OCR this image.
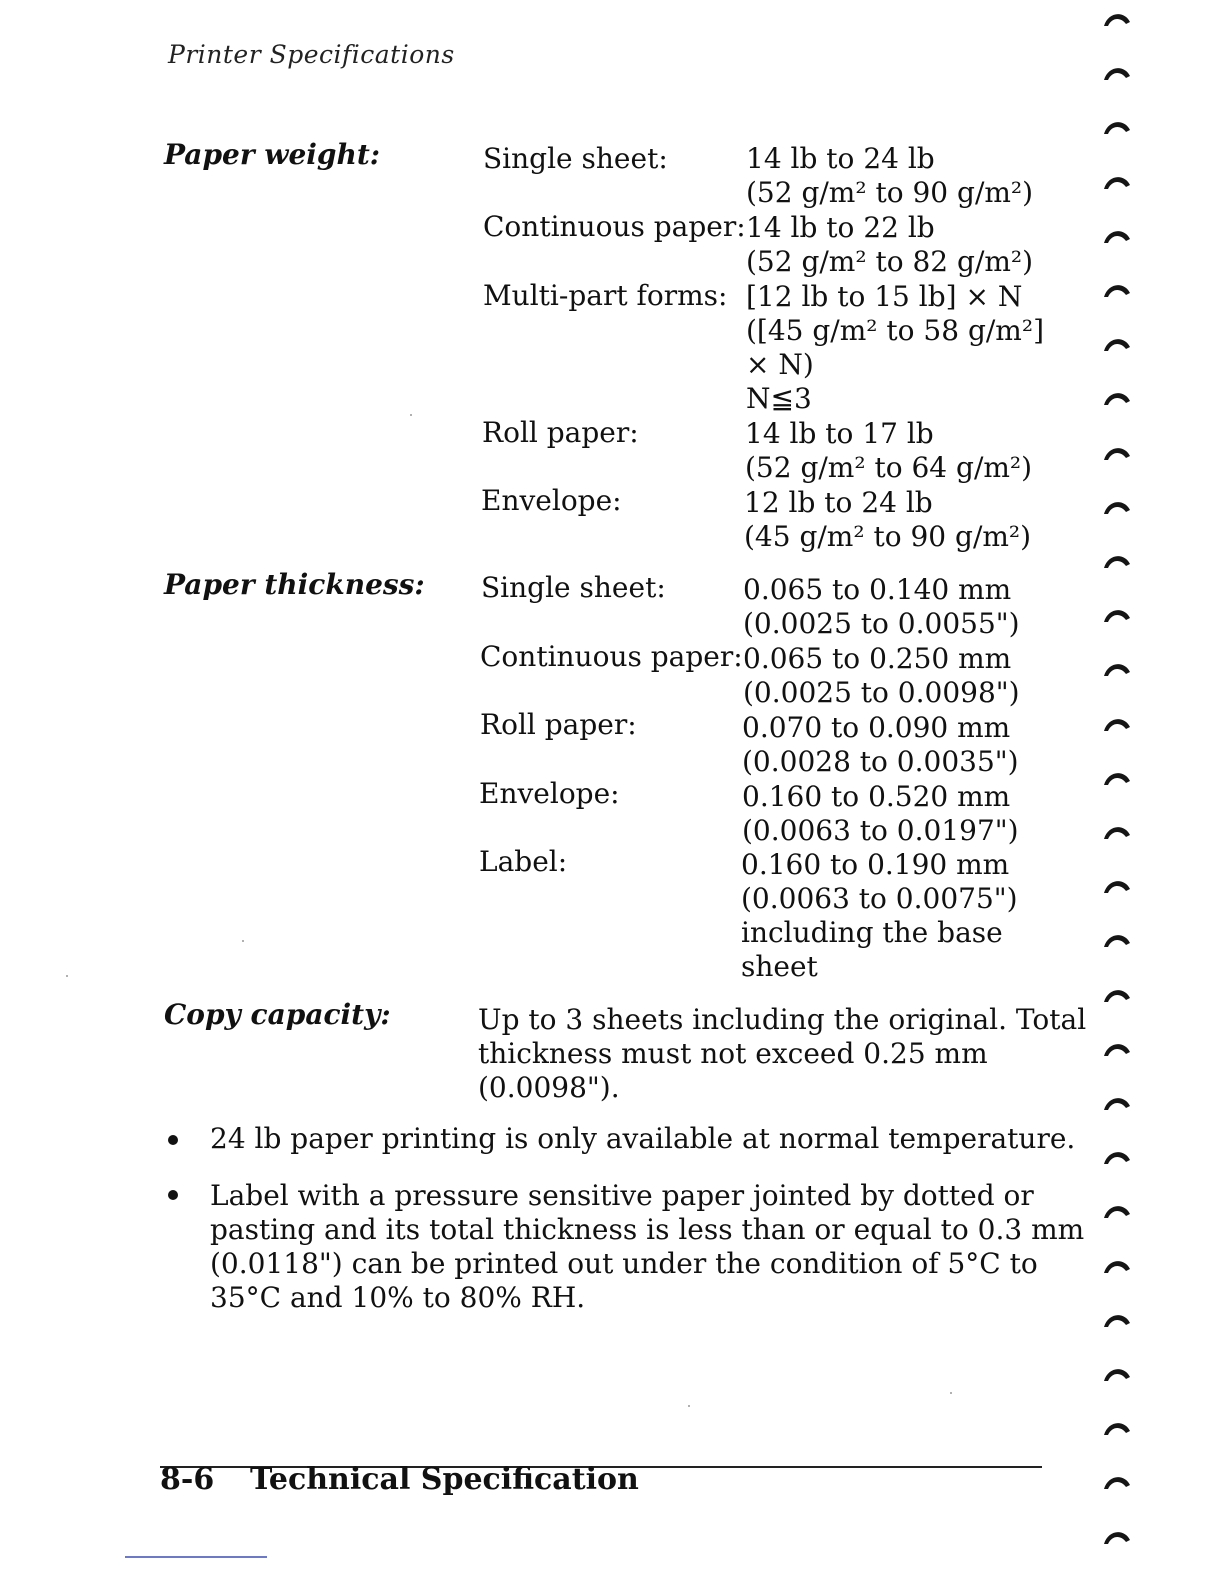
Printer Specifications
Paper weight:	Single sheet:	14 lb to 24 lb
(52 g/m² to 90 g/m²)
Continuous paper: 14 lb to 22 lb
(52 g/m² to 82 g/m²)
Multi-part forms: [12 lb to 15 lb] × N
([45 g/m² to 58 g/m²]
× N)
N≦3
Roll paper:	14 lb to 17 lb
(52 g/m² to 64 g/m²)
Envelope:	12 lb to 24 lb
(45 g/m² to 90 g/m²)
Paper thickness: Single sheet:	0.065 to 0.140 mm
(0.0025 to 0.0055")
Continuous paper: 0.065 to 0.250 mm
(0.0025 to 0.0098")
Roll paper:	0.070 to 0.090 mm
(0.0028 to 0.0035")
Envelope:	0.160 to 0.520 mm
(0.0063 to 0.0197")
Label:	0.160 to 0.190 mm
(0.0063 to 0.0075")
including the base
sheet
Copy capacity:	Up to 3 sheets including the original. Total
thickness must not exceed 0.25 mm
(0.0098").
24 lb paper printing is only available at normal temperature.
Label with a pressure sensitive paper jointed by dotted or
pasting and its total thickness is less than or equal to 0.3 mm
(0.0118") can be printed out under the condition of 5°C to
35°C and 10% to 80% RH.
8-6 Technical Specification
